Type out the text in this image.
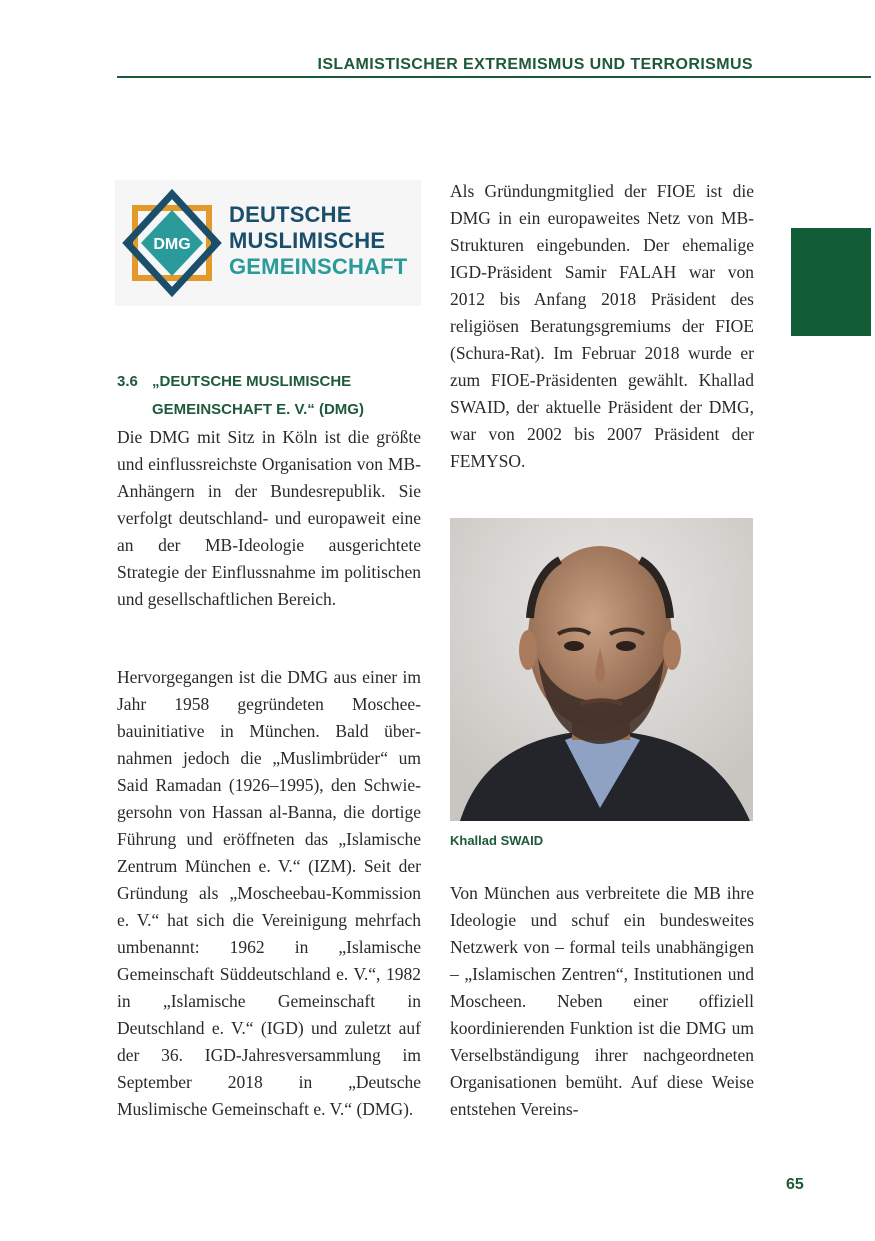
ISLAMISTISCHER EXTREMISMUS UND TERRORISMUS
DMG
DEUTSCHE
MUSLIMISCHE
GEMEINSCHAFT
3.6 „DEUTSCHE MUSLIMISCHE
GEMEINSCHAFT E. V.“ (DMG)

Die DMG mit Sitz in Köln ist die größte und einflussreichste Organisation von MB-Anhängern in der Bundesrepublik. Sie verfolgt deutschland- und europaweit eine an der MB-Ideologie ausgerichtete Strategie der Einflussnahme im politischen und gesellschaftlichen Bereich.

Hervorgegangen ist die DMG aus einer im Jahr 1958 gegründeten Moscheebauinitiative in München. Bald übernahmen jedoch die „Muslimbrüder“ um Said Ramadan (1926–1995), den Schwiegersohn von Hassan al-Banna, die dortige Führung und eröffneten das „Islamische Zentrum München e. V.“ (IZM). Seit der Gründung als „Moscheebau-Kommission e. V.“ hat sich die Vereinigung mehrfach umbenannt: 1962 in „Islamische Gemeinschaft Süddeutschland e. V.“, 1982 in „Islamische Gemeinschaft in Deutschland e. V.“ (IGD) und zuletzt auf der 36. IGD-Jahresversammlung im September 2018 in „Deutsche Muslimische Gemeinschaft e. V.“ (DMG).

Als Gründungmitglied der FIOE ist die DMG in ein europaweites Netz von MB-Strukturen eingebunden. Der ehemalige IGD-Präsident Samir FALAH war von 2012 bis Anfang 2018 Präsident des religiösen Beratungsgremiums der FIOE (Schura-Rat). Im Februar 2018 wurde er zum FIOE-Präsidenten gewählt. Khallad SWAID, der aktuelle Präsident der DMG, war von 2002 bis 2007 Präsident der FEMYSO.

Khallad SWAID

Von München aus verbreitete die MB ihre Ideologie und schuf ein bundesweites Netzwerk von – formal teils unabhängigen – „Islamischen Zentren“, Institutionen und Moscheen. Neben einer offiziell koordinierenden Funktion ist die DMG um Verselbständigung ihrer nachgeordneten Organisationen bemüht. Auf diese Weise entstehen Vereins-

65
